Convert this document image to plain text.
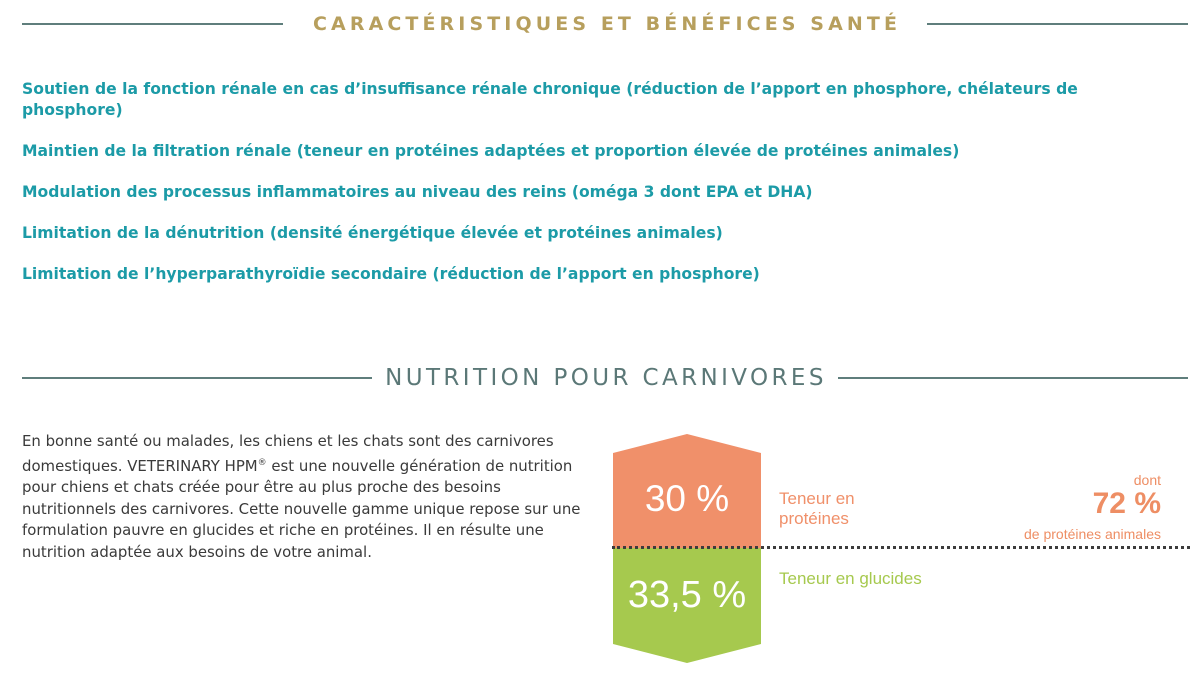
CARACTÉRISTIQUES ET BÉNÉFICES SANTÉ
Soutien de la fonction rénale en cas d’insuffisance rénale chronique (réduction de l’apport en phosphore, chélateurs de phosphore)
Maintien de la filtration rénale (teneur en protéines adaptées et proportion élevée de protéines animales)
Modulation des processus inflammatoires au niveau des reins (oméga 3 dont EPA et DHA)
Limitation de la dénutrition (densité énergétique élevée et protéines animales)
Limitation de l’hyperparathyroïdie secondaire (réduction de l’apport en phosphore)
NUTRITION POUR CARNIVORES

En bonne santé ou malades, les chiens et les chats sont des carnivores domestiques. VETERINARY HPM® est une nouvelle génération de nutrition pour chiens et chats créée pour être au plus proche des besoins nutritionnels des carnivores. Cette nouvelle gamme unique repose sur une formulation pauvre en glucides et riche en protéines. Il en résulte une nutrition adaptée aux besoins de votre animal.

30 %
33,5 %
Teneur en protéines
Teneur en glucides
dont
72 %
de protéines animales
